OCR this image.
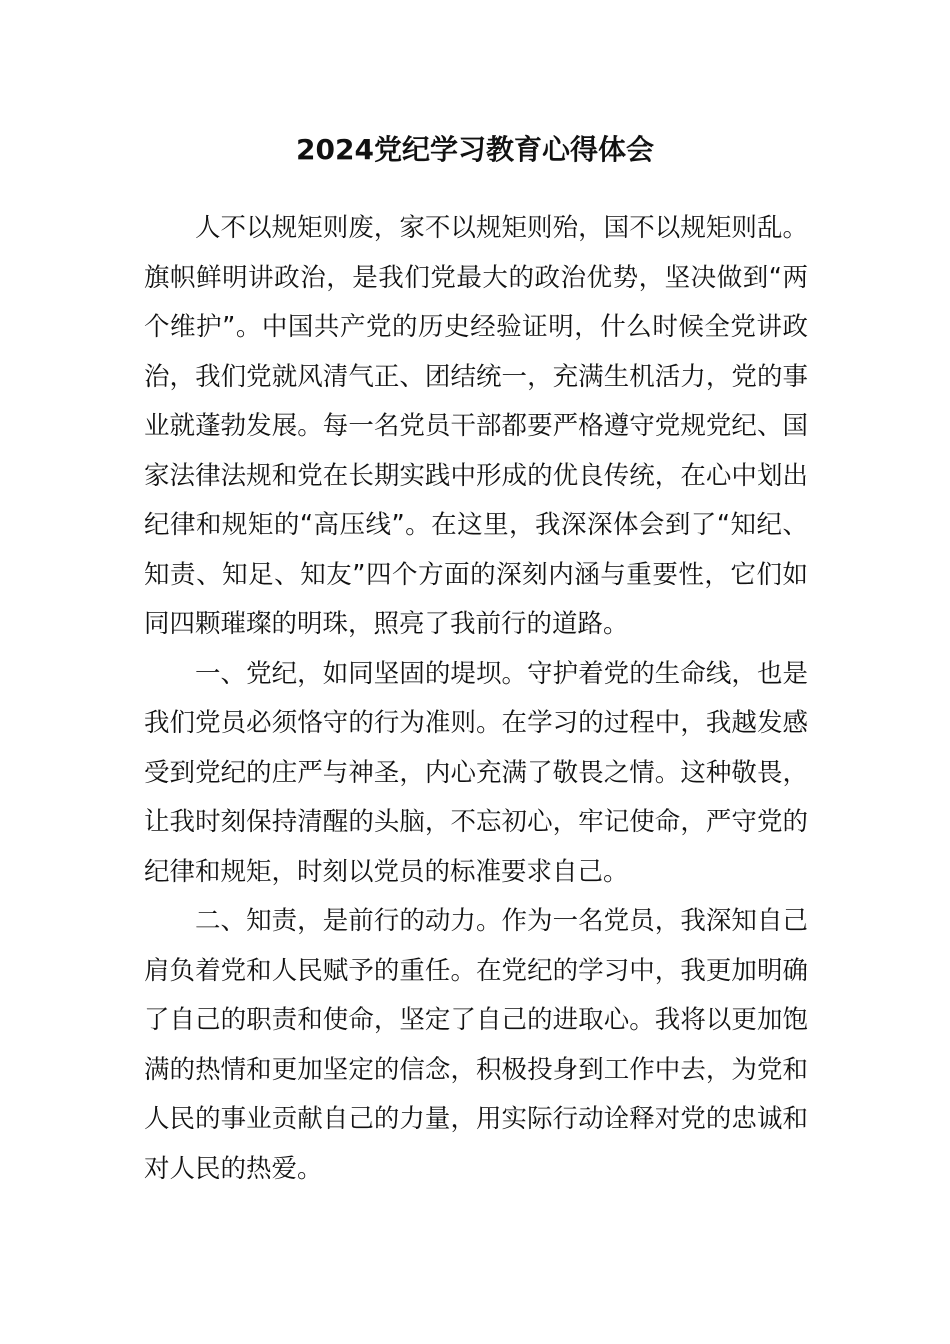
2024党纪学习教育心得体会

人不以规矩则废，家不以规矩则殆，国不以规矩则乱。旗帜鲜明讲政治，是我们党最大的政治优势，坚决做到“两个维护”。中国共产党的历史经验证明，什么时候全党讲政治，我们党就风清气正、团结统一，充满生机活力，党的事业就蓬勃发展。每一名党员干部都要严格遵守党规党纪、国家法律法规和党在长期实践中形成的优良传统，在心中划出纪律和规矩的“高压线”。在这里，我深深体会到了“知纪、知责、知足、知友”四个方面的深刻内涵与重要性，它们如同四颗璀璨的明珠，照亮了我前行的道路。

一、党纪，如同坚固的堤坝。守护着党的生命线，也是我们党员必须恪守的行为准则。在学习的过程中，我越发感受到党纪的庄严与神圣，内心充满了敬畏之情。这种敬畏，让我时刻保持清醒的头脑，不忘初心，牢记使命，严守党的纪律和规矩，时刻以党员的标准要求自己。

二、知责，是前行的动力。作为一名党员，我深知自己肩负着党和人民赋予的重任。在党纪的学习中，我更加明确了自己的职责和使命，坚定了自己的进取心。我将以更加饱满的热情和更加坚定的信念，积极投身到工作中去，为党和人民的事业贡献自己的力量，用实际行动诠释对党的忠诚和对人民的热爱。
